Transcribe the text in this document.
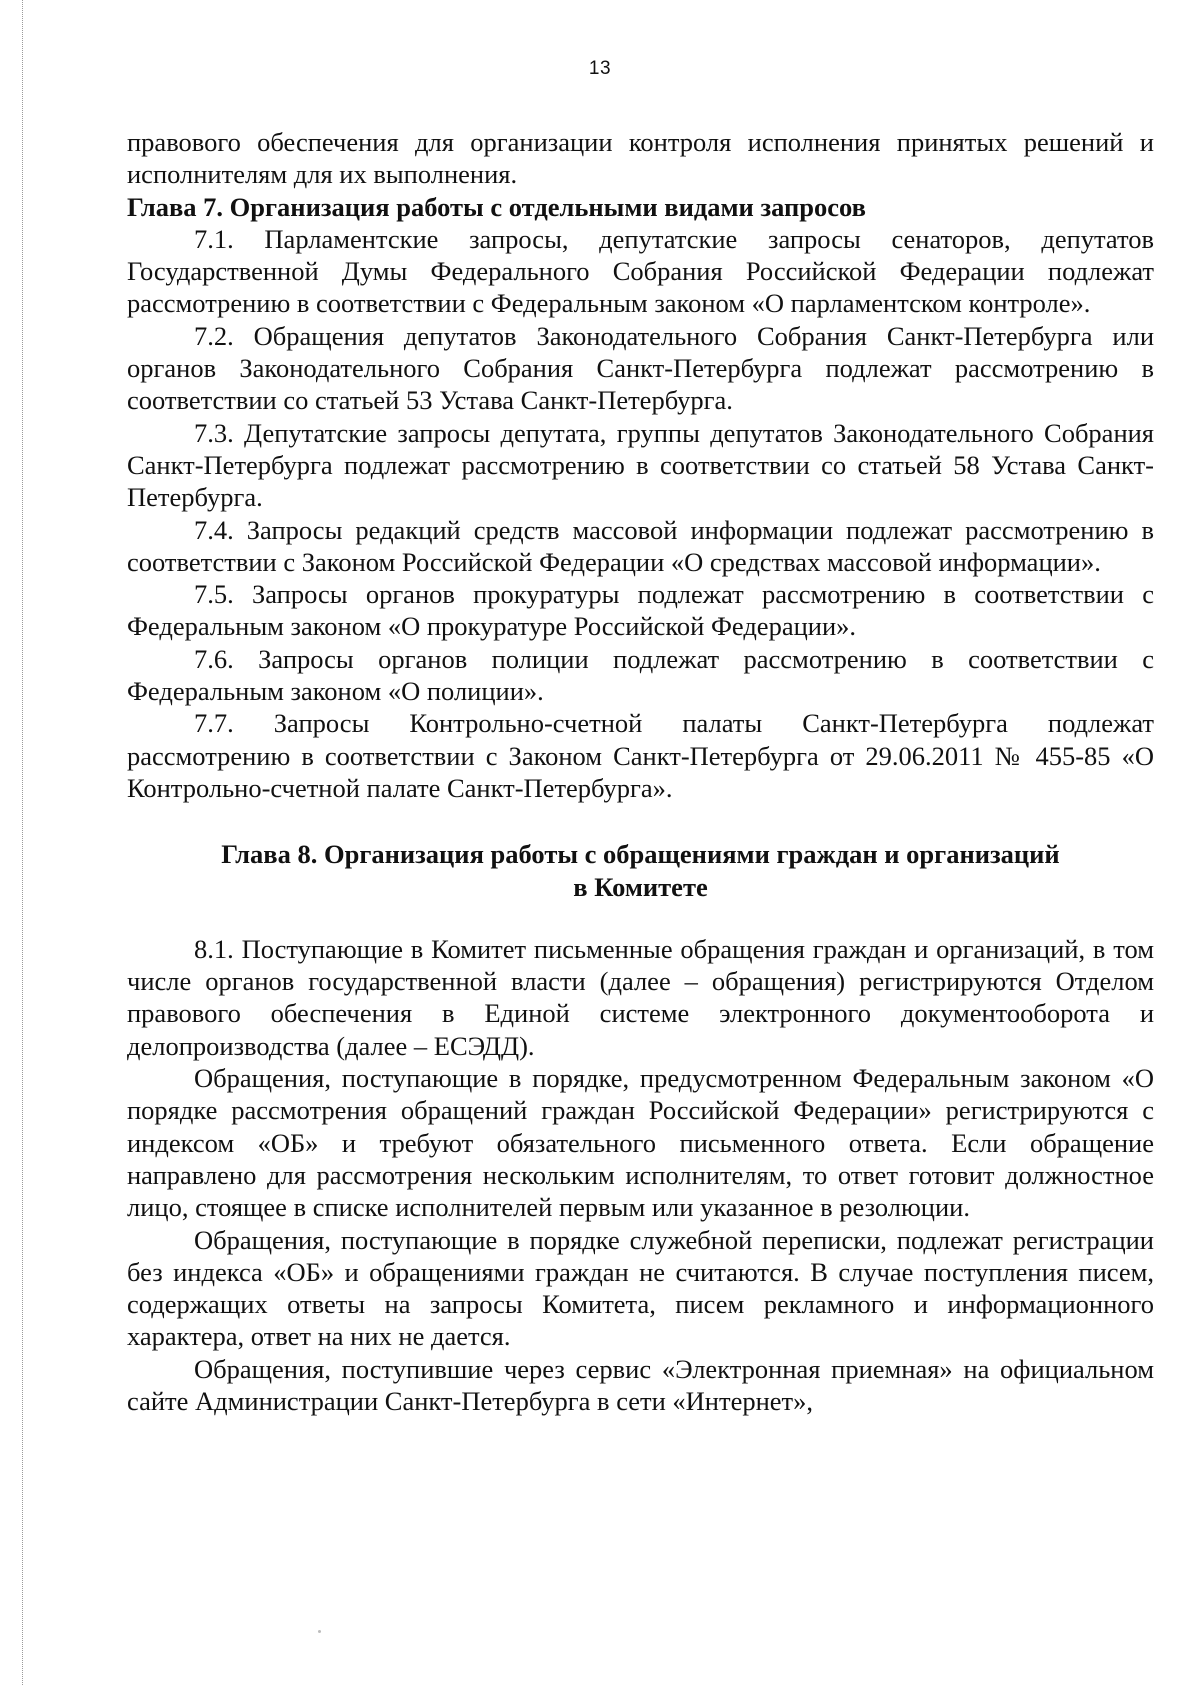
13

правового обеспечения для организации контроля исполнения принятых решений и исполнителям для их выполнения.

Глава 7. Организация работы с отдельными видами запросов

7.1. Парламентские запросы, депутатские запросы сенаторов, депутатов Государственной Думы Федерального Собрания Российской Федерации подлежат рассмотрению в соответствии с Федеральным законом «О парламентском контроле».

7.2. Обращения депутатов Законодательного Собрания Санкт-Петербурга или органов Законодательного Собрания Санкт-Петербурга подлежат рассмотрению в соответствии со статьей 53 Устава Санкт-Петербурга.

7.3. Депутатские запросы депутата, группы депутатов Законодательного Собрания Санкт-Петербурга подлежат рассмотрению в соответствии со статьей 58 Устава Санкт-Петербурга.

7.4. Запросы редакций средств массовой информации подлежат рассмотрению в соответствии с Законом Российской Федерации «О средствах массовой информации».

7.5. Запросы органов прокуратуры подлежат рассмотрению в соответствии с Федеральным законом «О прокуратуре Российской Федерации».

7.6. Запросы органов полиции подлежат рассмотрению в соответствии с Федеральным законом «О полиции».

7.7. Запросы Контрольно-счетной палаты Санкт-Петербурга подлежат рассмотрению в соответствии с Законом Санкт-Петербурга от 29.06.2011 № 455-85 «О Контрольно-счетной палате Санкт-Петербурга».

Глава 8. Организация работы с обращениями граждан и организаций
в Комитете

8.1. Поступающие в Комитет письменные обращения граждан и организаций, в том числе органов государственной власти (далее – обращения) регистрируются Отделом правового обеспечения в Единой системе электронного документооборота и делопроизводства (далее – ЕСЭДД).

Обращения, поступающие в порядке, предусмотренном Федеральным законом «О порядке рассмотрения обращений граждан Российской Федерации» регистрируются с индексом «ОБ» и требуют обязательного письменного ответа. Если обращение направлено для рассмотрения нескольким исполнителям, то ответ готовит должностное лицо, стоящее в списке исполнителей первым или указанное в резолюции.

Обращения, поступающие в порядке служебной переписки, подлежат регистрации без индекса «ОБ» и обращениями граждан не считаются. В случае поступления писем, содержащих ответы на запросы Комитета, писем рекламного и информационного характера, ответ на них не дается.

Обращения, поступившие через сервис «Электронная приемная» на официальном сайте Администрации Санкт-Петербурга в сети «Интернет»,
